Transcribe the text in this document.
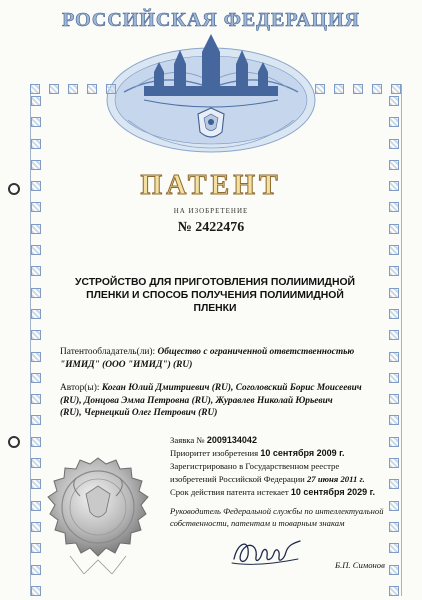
РОССИЙСКАЯ ФЕДЕРАЦИЯ
ПАТЕНТ
НА ИЗОБРЕТЕНИЕ
№ 2422476
УСТРОЙСТВО ДЛЯ ПРИГОТОВЛЕНИЯ ПОЛИИМИДНОЙ
ПЛЕНКИ И СПОСОБ ПОЛУЧЕНИЯ ПОЛИИМИДНОЙ
ПЛЕНКИ
Патентообладатель(ли): Общество с ограниченной ответственностью
"ИМИД" (ООО "ИМИД") (RU)
Автор(ы): Коган Юлий Дмитриевич (RU), Соголовский Борис Моисеевич
(RU), Донцова Эмма Петровна (RU), Журавлев Николай Юрьевич
(RU), Чернецкий Олег Петрович (RU)
Заявка № 2009134042
Приоритет изобретения 10 сентября 2009 г.
Зарегистрировано в Государственном реестре
изобретений Российской Федерации 27 июня 2011 г.
Срок действия патента истекает 10 сентября 2029 г.
Руководитель Федеральной службы по интеллектуальной
собственности, патентам и товарным знакам
Б.П. Симонов
